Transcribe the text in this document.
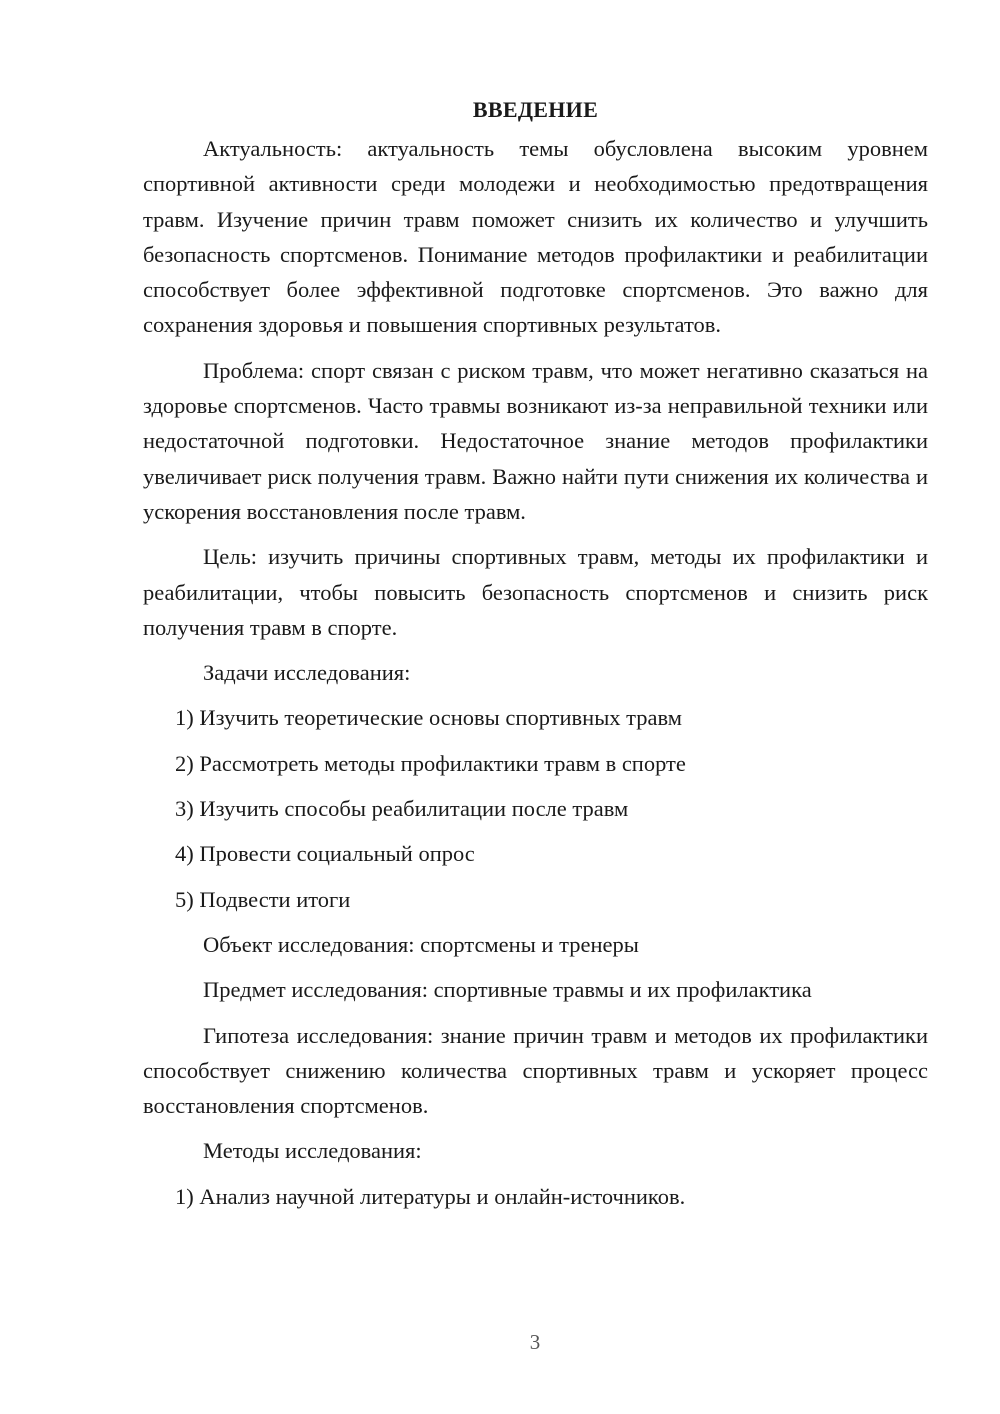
ВВЕДЕНИЕ

Актуальность: актуальность темы обусловлена высоким уровнем спортивной активности среди молодежи и необходимостью предотвращения травм. Изучение причин травм поможет снизить их количество и улучшить безопасность спортсменов. Понимание методов профилактики и реабилитации способствует более эффективной подготовке спортсменов. Это важно для сохранения здоровья и повышения спортивных результатов.

Проблема: спорт связан с риском травм, что может негативно сказаться на здоровье спортсменов. Часто травмы возникают из-за неправильной техники или недостаточной подготовки. Недостаточное знание методов профилактики увеличивает риск получения травм. Важно найти пути снижения их количества и ускорения восстановления после травм.

Цель: изучить причины спортивных травм, методы их профилактики и реабилитации, чтобы повысить безопасность спортсменов и снизить риск получения травм в спорте.

Задачи исследования:
1) Изучить теоретические основы спортивных травм
2) Рассмотреть методы профилактики травм в спорте
3) Изучить способы реабилитации после травм
4) Провести социальный опрос
5) Подвести итоги
Объект исследования: спортсмены и тренеры
Предмет исследования: спортивные травмы и их профилактика

Гипотеза исследования: знание причин травм и методов их профилактики способствует снижению количества спортивных травм и ускоряет процесс восстановления спортсменов.

Методы исследования:
1) Анализ научной литературы и онлайн-источников.
3
